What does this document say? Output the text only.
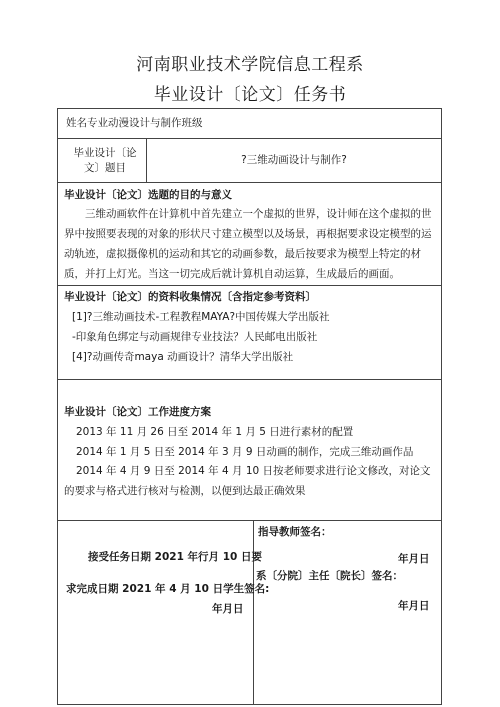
河南职业技术学院信息工程系
毕业设计〔论文〕任务书
姓名专业动漫设计与制作班级
毕业设计〔论
文〕题目
?三维动画设计与制作?
毕业设计〔论文〕选题的目的与意义
三维动画软件在计算机中首先建立一个虚拟的世界，设计师在这个虚拟的世界中按照要表现的对象的形状尺寸建立模型以及场景，再根据要求设定模型的运动轨迹，虚拟摄像机的运动和其它的动画参数，最后按要求为模型上特定的材质，并打上灯光。当这一切完成后就计算机自动运算，生成最后的画面。
毕业设计〔论文〕的资料收集情况〔含指定参考资料〕
[1]?三维动画技术-工程教程MAYA?中国传媒大学出版社
-印象角色绑定与动画规律专业技法？人民邮电出版社
[4]?动画传奇maya 动画设计？清华大学出版社
毕业设计〔论文〕工作进度方案
2013 年 11 月 26 日至 2014 年 1 月 5 日进行素材的配置
2014 年 1 月 5 日至 2014 年 3 月 9 日动画的制作，完成三维动画作品
2014 年 4 月 9 日至 2014 年 4 月 10 日按老师要求进行论文修改，对论文的要求与格式进行核对与检测，以便到达最正确效果
接受任务日期 2021 年行月 10 日要
求完成日期 2021 年 4 月 10 日学生签名:
年月日
指导教师签名：
年月日
系〔分院〕主任〔院长〕签名：
年月日
